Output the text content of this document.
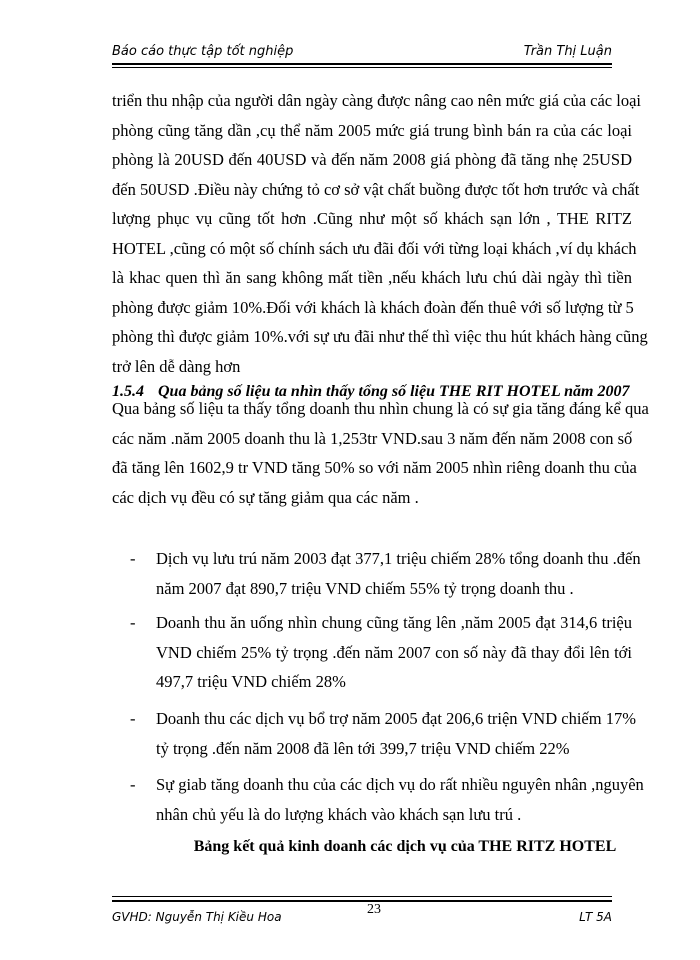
Báo cáo thực tập tốt nghiệp	Trần Thị Luận
triển thu nhập của người dân ngày càng được nâng cao nên mức giá của các loại
phòng cũng tăng dần ,cụ thể năm 2005 mức giá trung bình bán ra của các loại
phòng là 20USD đến 40USD và đến năm 2008 giá phòng đã tăng nhẹ 25USD
đến 50USD .Điều này chứng tỏ cơ sở vật chất buồng được tốt hơn trước và chất
lượng phục vụ cũng tốt hơn .Cũng như một số khách sạn lớn , THE RITZ
HOTEL ,cũng có một số chính sách ưu đãi đối với từng loại khách ,ví dụ khách
là khac quen thì ăn sang không mất tiền ,nếu khách lưu chú dài ngày thì tiền
phòng được giảm 10%.Đối với khách là khách đoàn đến thuê với số lượng từ 5
phòng thì được giảm 10%.với sự ưu đãi như thế thì việc thu hút khách hàng cũng
trở lên dễ dàng hơn
1.5.4 Qua bảng số liệu ta nhìn thấy tổng số liệu THE RIT HOTEL năm 2007
Qua bảng số liệu ta thấy tổng doanh thu nhìn chung là có sự gia tăng đáng kể qua
các năm .năm 2005 doanh thu là 1,253tr VND.sau 3 năm đến năm 2008 con số
đã tăng lên 1602,9 tr VND tăng 50% so với năm 2005 nhìn riêng doanh thu của
các dịch vụ đều có sự tăng giảm qua các năm .
- Dịch vụ lưu trú năm 2003 đạt 377,1 triệu chiếm 28% tổng doanh thu .đến
năm 2007 đạt 890,7 triệu VND chiếm 55% tỷ trọng doanh thu .
- Doanh thu ăn uống nhìn chung cũng tăng lên ,năm 2005 đạt 314,6 triệu
VND chiếm 25% tỷ trọng .đến năm 2007 con số này đã thay đổi lên tới
497,7 triệu VND chiếm 28%
- Doanh thu các dịch vụ bổ trợ năm 2005 đạt 206,6 triện VND chiếm 17%
tỷ trọng .đến năm 2008 đã lên tới 399,7 triệu VND chiếm 22%
- Sự giab tăng doanh thu của các dịch vụ do rất nhiều nguyên nhân ,nguyên
nhân chủ yếu là do lượng khách vào khách sạn lưu trú .
Bảng kết quả kinh doanh các dịch vụ của THE RITZ HOTEL
GVHD: Nguyễn Thị Kiều Hoa	23	LT 5A
